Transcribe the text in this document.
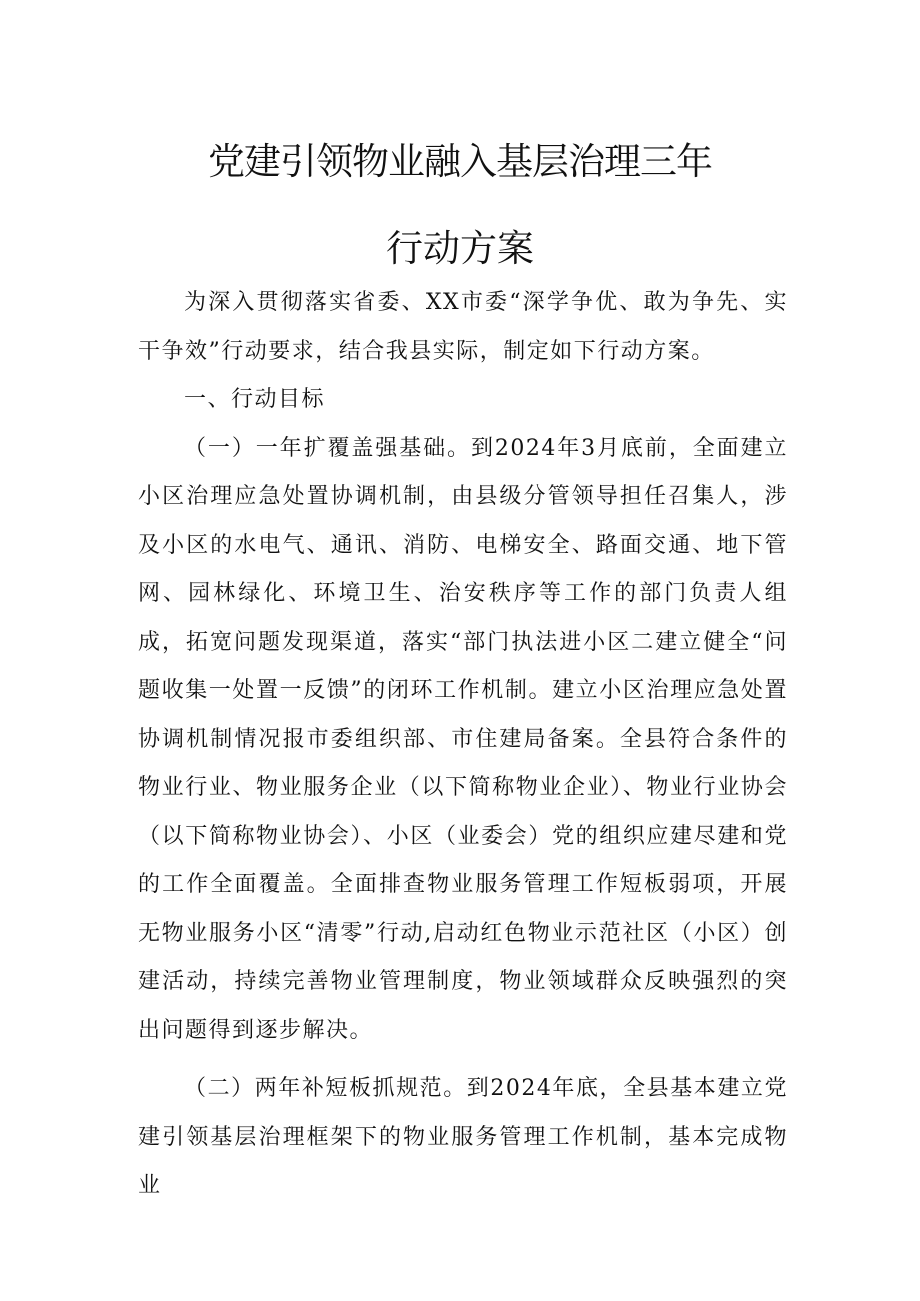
党建引领物业融入基层治理三年
行动方案

为深入贯彻落实省委、XX市委“深学争优、敢为争先、实干争效”行动要求，结合我县实际，制定如下行动方案。

一、行动目标

（一）一年扩覆盖强基础。到2024年3月底前，全面建立小区治理应急处置协调机制，由县级分管领导担任召集人，涉及小区的水电气、通讯、消防、电梯安全、路面交通、地下管网、园林绿化、环境卫生、治安秩序等工作的部门负责人组成，拓宽问题发现渠道，落实“部门执法进小区二建立健全“问题收集一处置一反馈”的闭环工作机制。建立小区治理应急处置协调机制情况报市委组织部、市住建局备案。全县符合条件的物业行业、物业服务企业（以下简称物业企业）、物业行业协会（以下简称物业协会）、小区（业委会）党的组织应建尽建和党的工作全面覆盖。全面排查物业服务管理工作短板弱项，开展无物业服务小区“清零”行动,启动红色物业示范社区（小区）创建活动，持续完善物业管理制度，物业领域群众反映强烈的突出问题得到逐步解决。

（二）两年补短板抓规范。到2024年底，全县基本建立党建引领基层治理框架下的物业服务管理工作机制，基本完成物业
